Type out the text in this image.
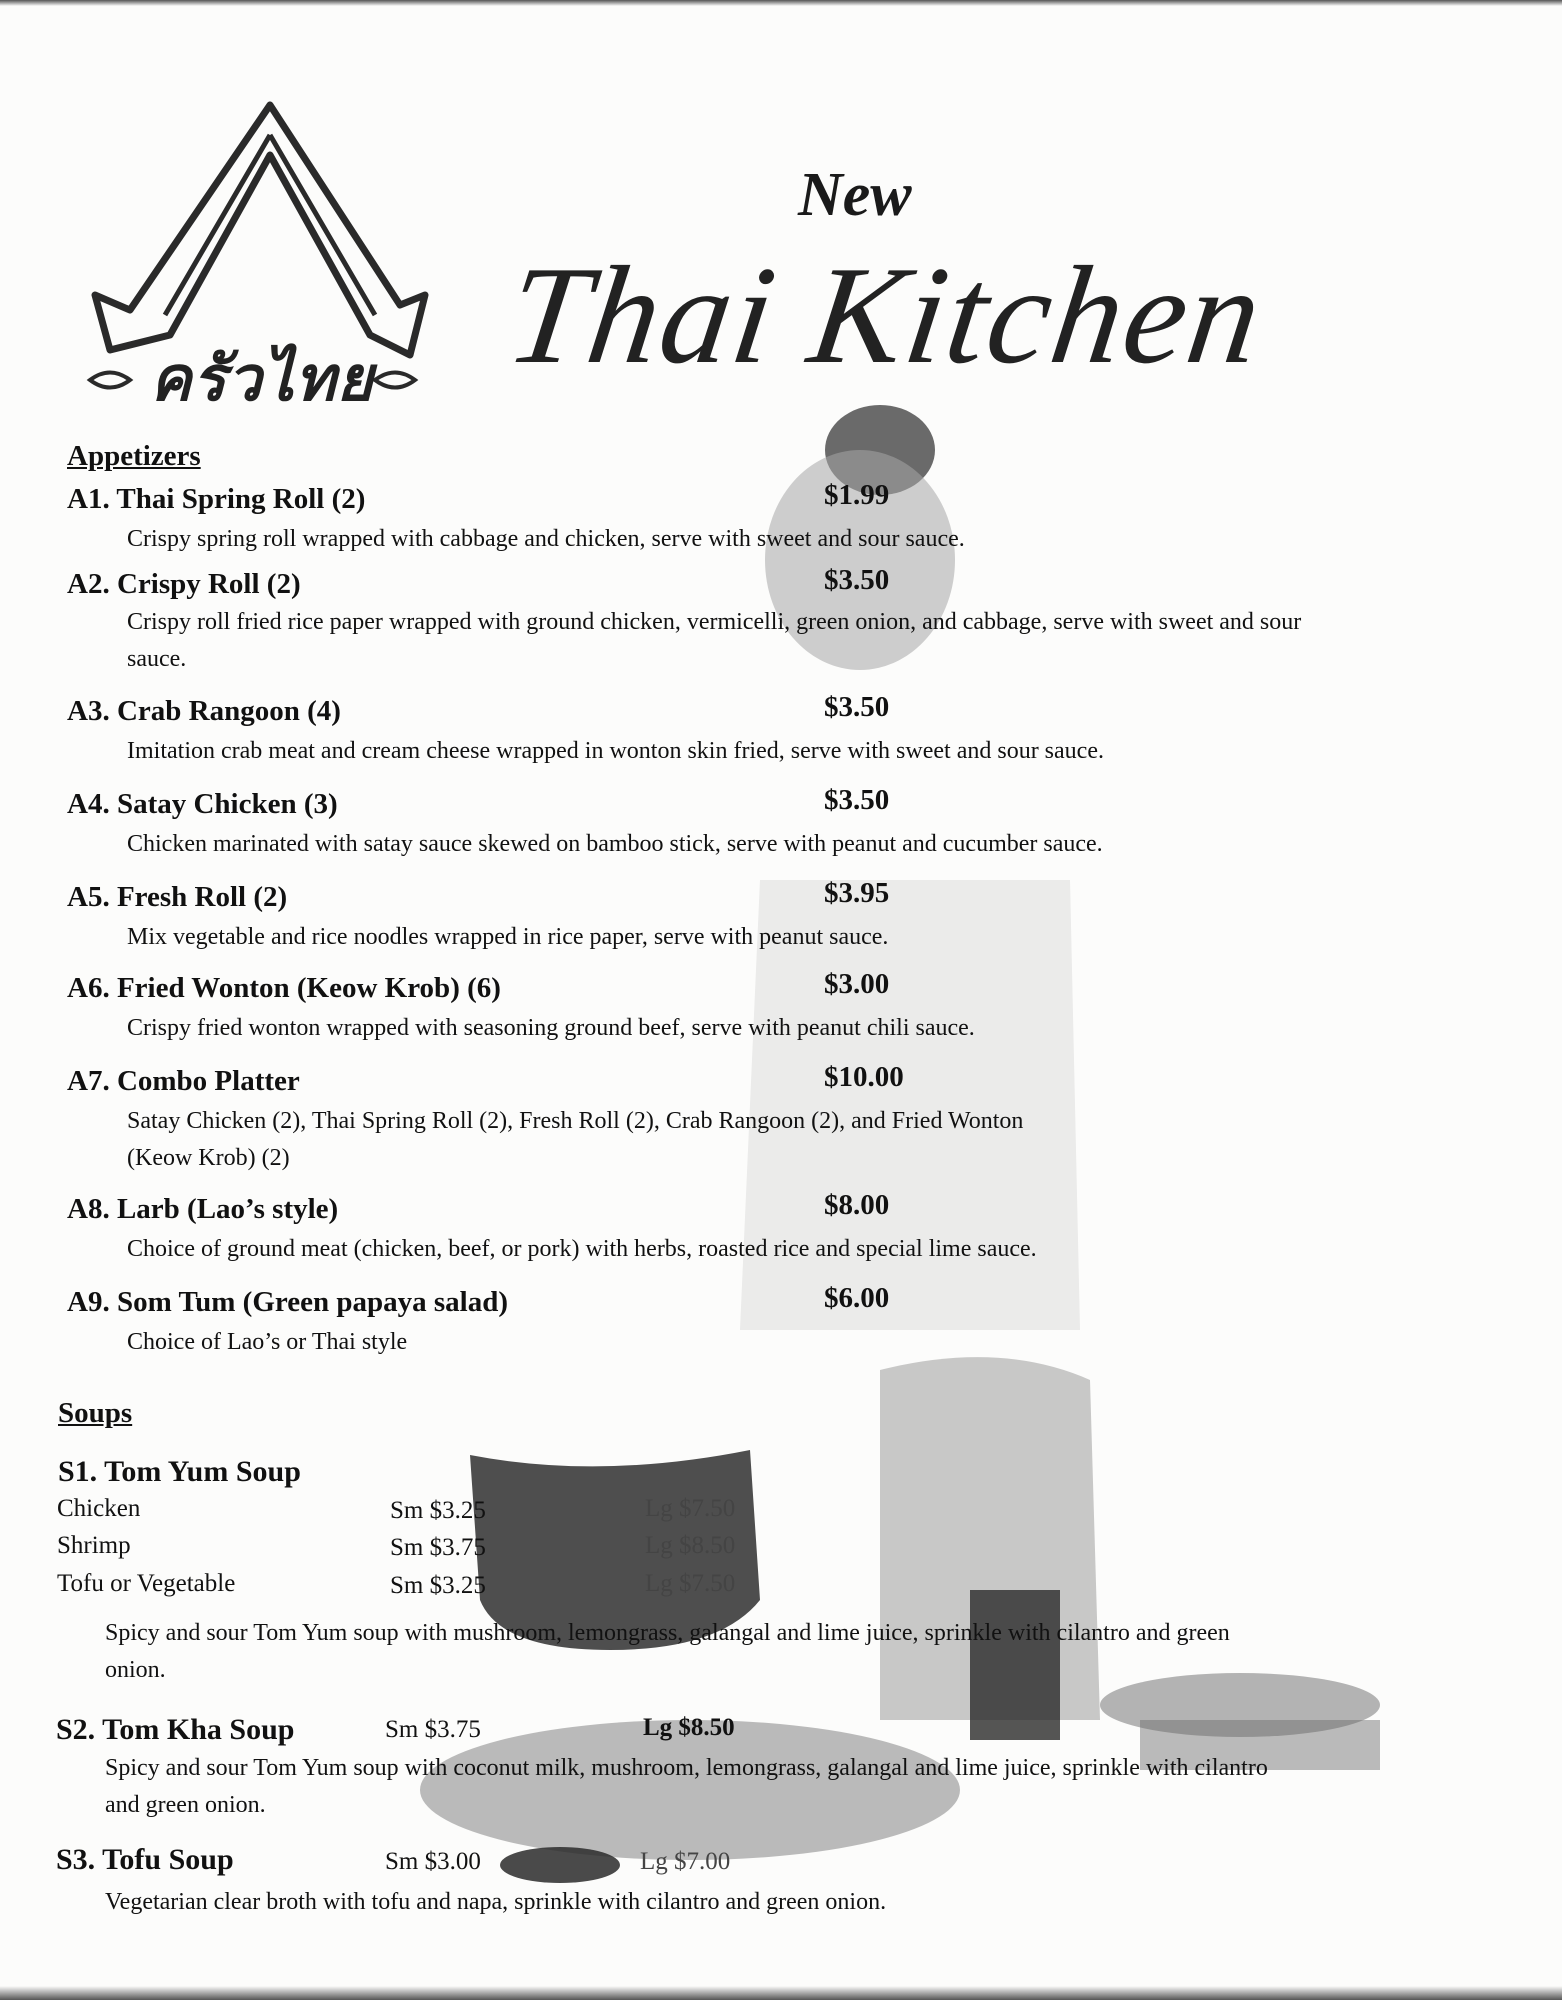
ครัวไทย
New
Thai Kitchen
Appetizers
A1. Thai Spring Roll (2)	$1.99
Crispy spring roll wrapped with cabbage and chicken, serve with sweet and sour sauce.
A2. Crispy Roll (2)	$3.50
Crispy roll fried rice paper wrapped with ground chicken, vermicelli, green onion, and cabbage, serve with sweet and sour sauce.
A3. Crab Rangoon (4)	$3.50
Imitation crab meat and cream cheese wrapped in wonton skin fried, serve with sweet and sour sauce.
A4. Satay Chicken (3)	$3.50
Chicken marinated with satay sauce skewed on bamboo stick, serve with peanut and cucumber sauce.
A5. Fresh Roll (2)	$3.95
Mix vegetable and rice noodles wrapped in rice paper, serve with peanut sauce.
A6. Fried Wonton (Keow Krob) (6)	$3.00
Crispy fried wonton wrapped with seasoning ground beef, serve with peanut chili sauce.
A7. Combo Platter	$10.00
Satay Chicken (2), Thai Spring Roll (2), Fresh Roll (2), Crab Rangoon (2), and Fried Wonton (Keow Krob) (2)
A8. Larb (Lao’s style)	$8.00
Choice of ground meat (chicken, beef, or pork) with herbs, roasted rice and special lime sauce.
A9. Som Tum (Green papaya salad)	$6.00
Choice of Lao’s or Thai style
Soups
S1. Tom Yum Soup
Chicken	Sm $3.25	Lg $7.50
Shrimp	Sm $3.75	Lg $8.50
Tofu or Vegetable	Sm $3.25	Lg $7.50
Spicy and sour Tom Yum soup with mushroom, lemongrass, galangal and lime juice, sprinkle with cilantro and green onion.
S2. Tom Kha Soup	Sm $3.75	Lg $8.50
Spicy and sour Tom Yum soup with coconut milk, mushroom, lemongrass, galangal and lime juice, sprinkle with cilantro and green onion.
S3. Tofu Soup	Sm $3.00	Lg $7.00
Vegetarian clear broth with tofu and napa, sprinkle with cilantro and green onion.
